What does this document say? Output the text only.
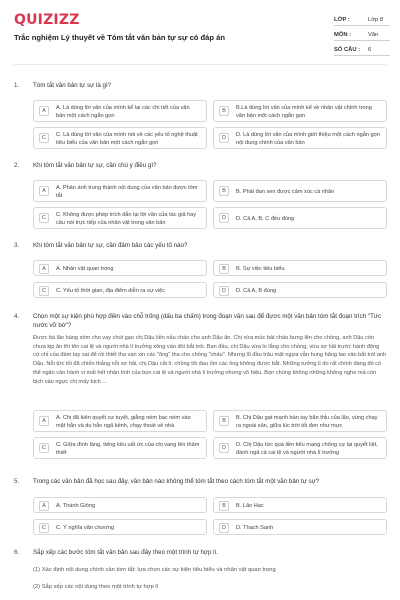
QUIZIZZ
Trắc nghiệm Lý thuyết về Tóm tắt văn bản tự sự có đáp án
LỚP :	Lớp 8
MÔN :	Văn
SỐ CÂU :	6
1. Tóm tắt văn bản tự sự là gì?
A	A. Là dùng lời văn của mình kể lại các chi tiết của văn bản một cách ngắn gọn
B	B.Là dùng lời văn của mình kể về nhân vật chính trong văn bản một cách ngắn gọn
C	C. Là dùng lời văn của mình nói về các yếu tố nghệ thuật tiêu biểu của văn bản một cách ngắn gọn
D	D. Là dùng lời văn của mình giới thiệu một cách ngắn gọn nội dung chính của văn bản
2. Khi tóm tắt văn bản tự sự, cần chú ý điều gì?
A	A. Phản ánh trung thành nội dung của văn bản được tóm tắt
B	B. Phải đan xen được cảm xúc cá nhân
C	C. Không được phép trích dẫn lại lời văn của tác giả hay câu nói trực tiếp của nhân vật trong văn bản
D	D. Cả A, B, C đều đúng
3. Khi tóm tắt văn bản tự sự, cần đảm bảo các yếu tố nào?
A	A. Nhân vật quan trọng	B	B. Sự việc tiêu biểu
C	C. Yếu tố thời gian, địa điểm diễn ra sự việc	D	D. Cả A, B đúng
4. Chọn một sự kiện phù hợp điền vào chỗ trống (dấu ba chấm) trong đoạn văn sau để được một văn bản tóm tắt đoạn trích "Tức nước vỡ bờ"?
Được bà lão hàng xóm cho vay chút gạo chị Dậu liền nấu cháo cho anh Dậu ăn. Chị vừa múc bát cháo bưng lên cho chồng, anh Dậu còn chưa kịp ăn thì tên cai lệ và người nhà lí trưởng xông vào đòi bắt trói. Ban đầu, chị Dậu vừa lo lắng cho chồng, vừa sợ hãi trước hành động cứ chỉ của đám tay sai để rồi thiết tha van xin các "ông" tha cho chồng "cháu". Nhưng lũ đầu trâu mặt ngựa vẫn hung hăng lao vào bắt trói anh Dậu. Nỗi tức tối đã chiến thắng nỗi sợ hãi, chị Dậu cãi lí: chồng tôi đau ốm các ông không được bắt. Những tưởng lí do rất chính đáng đó có thể ngăn cản hành vi mất hết nhân tính của bọn cai lệ và người nhà lí trưởng nhưng vô hiệu. Bọn chúng không những không nghe mà còn bịch vào ngực chị mấy bịch ...
A	A. Chị đã kiên quyết cự tuyệt, giằng ném bạc ném vào mặt hắn và du hắn ngã kềnh, chạy thoát về nhà
B	B. Chị Dậu gạt mạnh bàn tay bẩn thỉu của lão, vùng chạy ra ngoài sân, giữa lúc trời tối đen như mực
C	C. Giữa đình làng, tiếng kêu uất ức của chị vang lên thảm thiết
D	D. Chị Dậu tức quá liền tiếu mạng chống cự lại quyết liệt, đánh ngã cả cai lệ và người nhà lí trưởng
5. Trong các văn bản đã học sau đây, văn bản nào không thể tóm tắt theo cách tóm tắt một văn bản tự sự?
A	A. Thánh Gióng	B	B. Lão Hạc
C	C. Ý nghĩa văn chương	D	D. Thạch Sanh
6. Sắp xếp các bước tóm tắt văn bản sau đây theo một trình tự hợp lí.
(1) Xác định nội dung chính cần tóm tắt: lựa chọn các sự kiện tiêu biểu và nhân vật quan trọng
(2) Sắp xếp các nội dung theo một trình tự hợp lí
